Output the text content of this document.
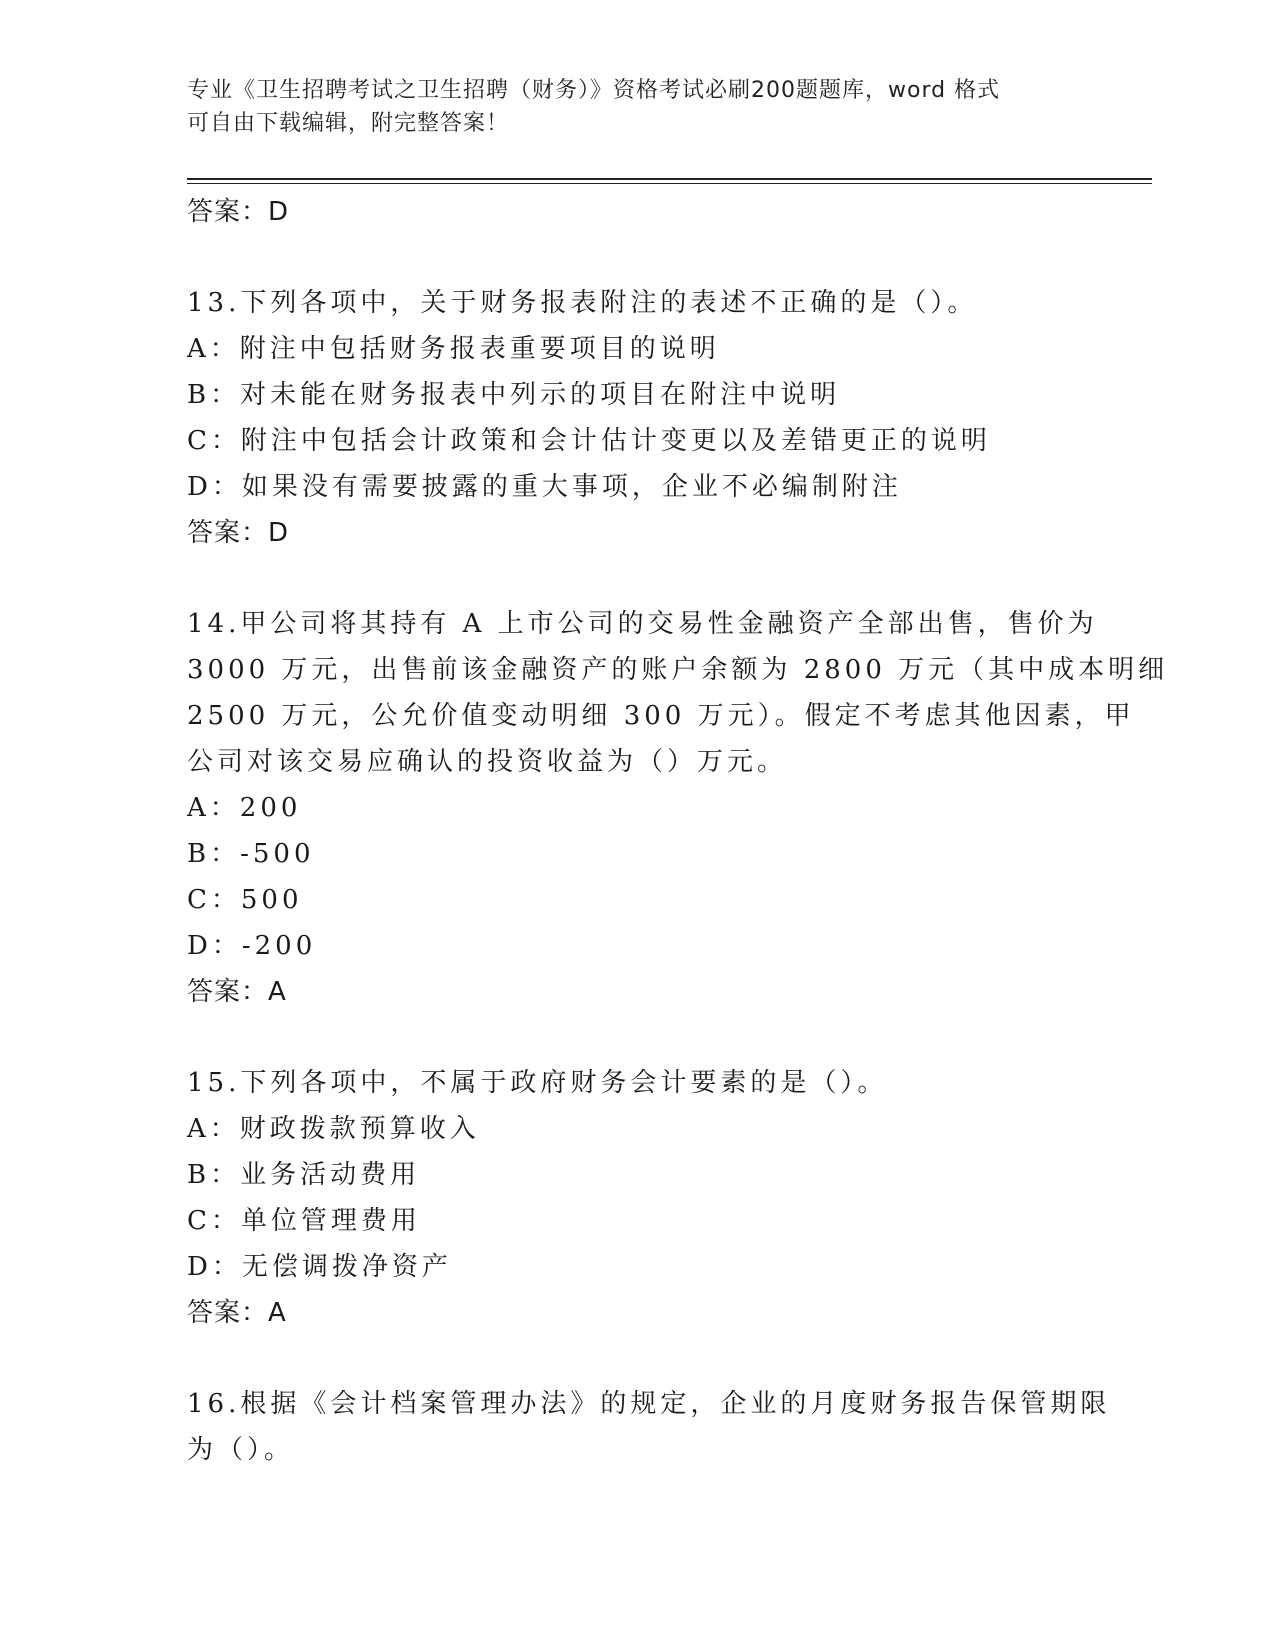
专业《卫生招聘考试之卫生招聘（财务）》资格考试必刷200题题库，word 格式
可自由下载编辑，附完整答案！
答案：D
13.下列各项中，关于财务报表附注的表述不正确的是（）。
A：附注中包括财务报表重要项目的说明
B：对未能在财务报表中列示的项目在附注中说明
C：附注中包括会计政策和会计估计变更以及差错更正的说明
D：如果没有需要披露的重大事项，企业不必编制附注
答案：D
14.甲公司将其持有 A 上市公司的交易性金融资产全部出售，售价为
3000 万元，出售前该金融资产的账户余额为 2800 万元（其中成本明细
2500 万元，公允价值变动明细 300 万元）。假定不考虑其他因素，甲
公司对该交易应确认的投资收益为（）万元。
A：200
B：-500
C：500
D：-200
答案：A
15.下列各项中，不属于政府财务会计要素的是（）。
A：财政拨款预算收入
B：业务活动费用
C：单位管理费用
D：无偿调拨净资产
答案：A
16.根据《会计档案管理办法》的规定，企业的月度财务报告保管期限
为（）。
